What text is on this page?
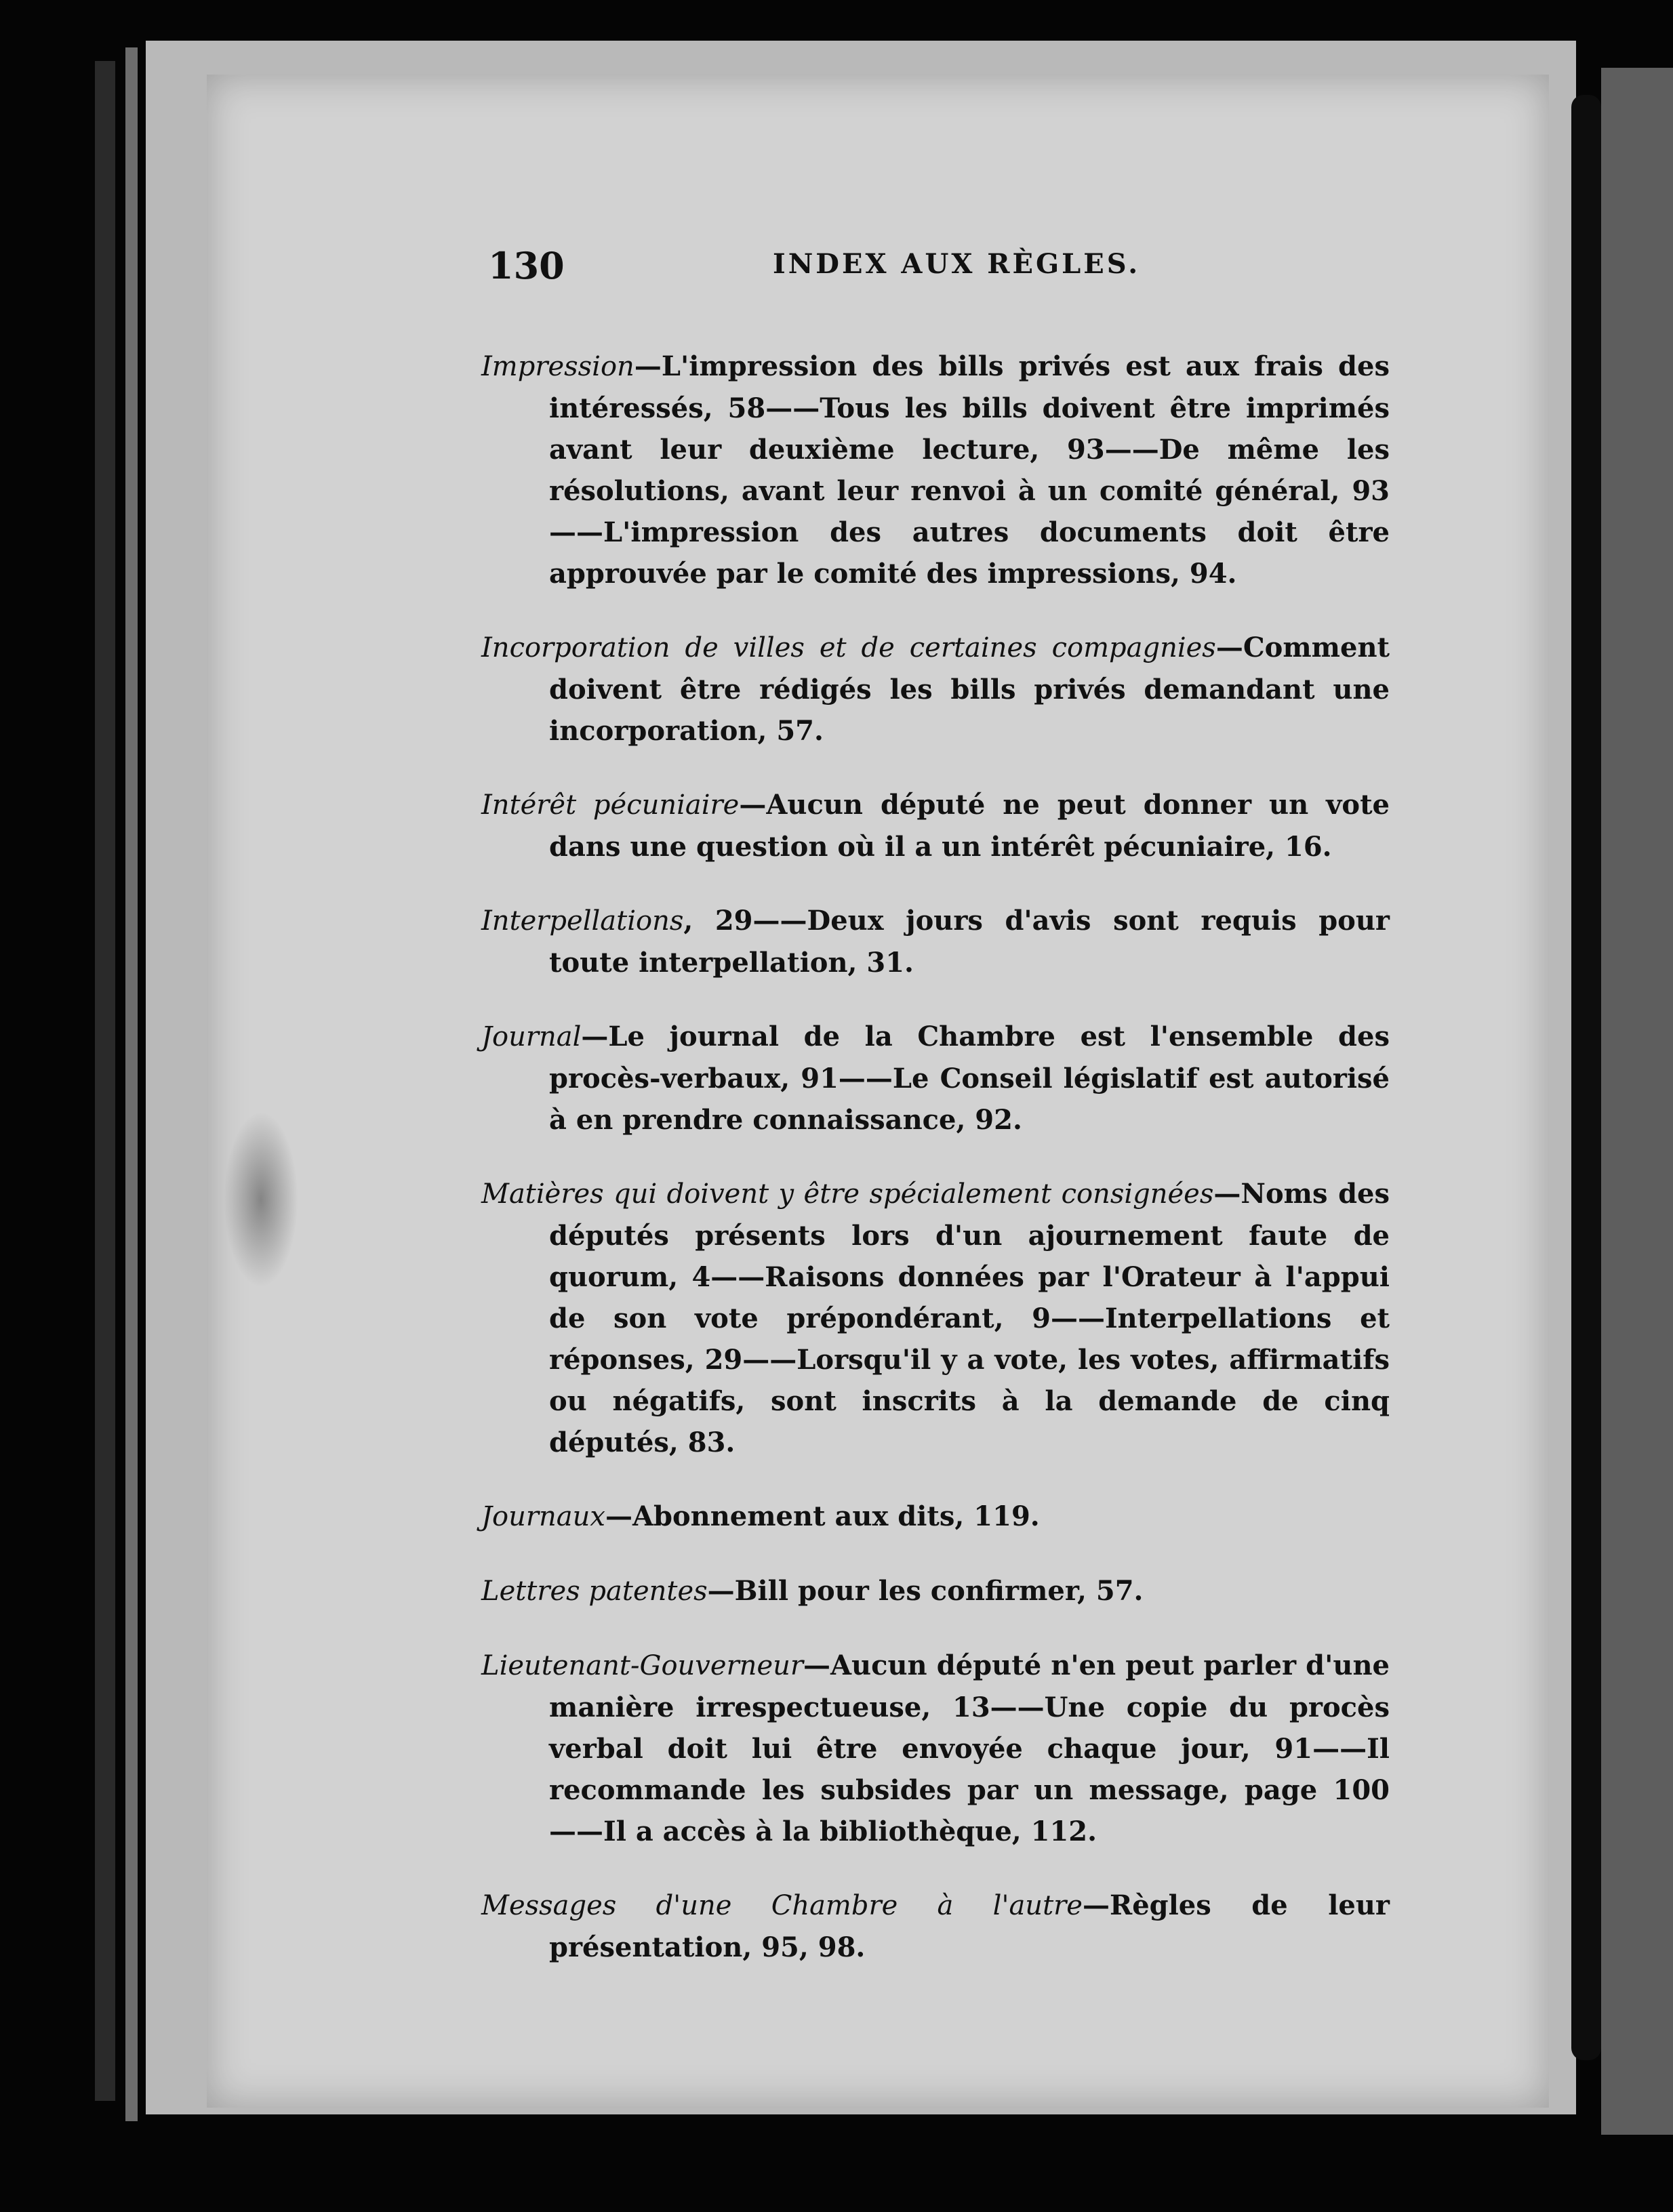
130	INDEX AUX RÈGLES.

Impression—L'impression des bills privés est aux frais des intéressés, 58——Tous les bills doivent être imprimés avant leur deuxième lecture, 93——De même les résolutions, avant leur renvoi à un comité général, 93——L'impression des autres documents doit être approuvée par le comité des impressions, 94.

Incorporation de villes et de certaines compagnies—Comment doivent être rédigés les bills privés demandant une incorporation, 57.

Intérêt pécuniaire—Aucun député ne peut donner un vote dans une question où il a un intérêt pécuniaire, 16.

Interpellations, 29——Deux jours d'avis sont requis pour toute interpellation, 31.

Journal—Le journal de la Chambre est l'ensemble des procès-verbaux, 91——Le Conseil législatif est autorisé à en prendre connaissance, 92.

Matières qui doivent y être spécialement consignées—Noms des députés présents lors d'un ajournement faute de quorum, 4——Raisons données par l'Orateur à l'appui de son vote prépondérant, 9——Interpellations et réponses, 29——Lorsqu'il y a vote, les votes, affirmatifs ou négatifs, sont inscrits à la demande de cinq députés, 83.

Journaux—Abonnement aux dits, 119.

Lettres patentes—Bill pour les confirmer, 57.

Lieutenant-Gouverneur—Aucun député n'en peut parler d'une manière irrespectueuse, 13——Une copie du procès verbal doit lui être envoyée chaque jour, 91——Il recommande les subsides par un message, page 100——Il a accès à la bibliothèque, 112.

Messages d'une Chambre à l'autre—Règles de leur présentation, 95, 98.
